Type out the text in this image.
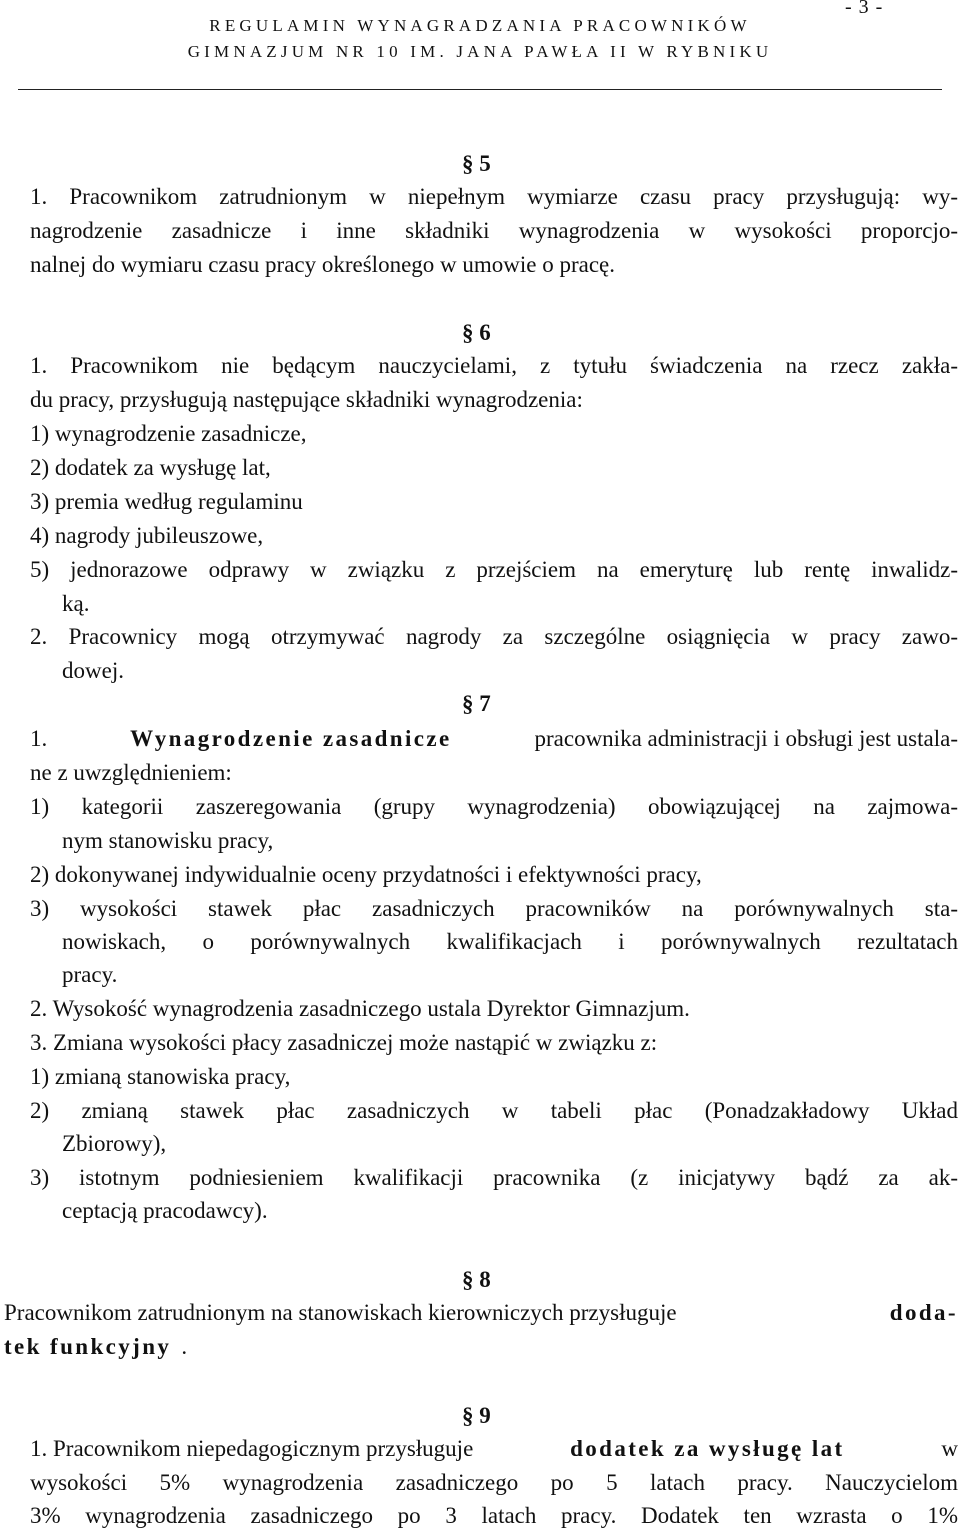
- 3 -
REGULAMIN WYNAGRADZANIA PRACOWNIKÓW
GIMNAZJUM NR 10 IM. JANA PAWŁA II W RYBNIKU
§ 5
1. Pracownikom zatrudnionym w niepełnym wymiarze czasu pracy przysługują: wy-
nagrodzenie zasadnicze i inne składniki wynagrodzenia w wysokości proporcjo-
nalnej do wymiaru czasu pracy określonego w umowie o pracę.
§ 6
1. Pracownikom nie będącym nauczycielami, z tytułu świadczenia na rzecz zakła-
du pracy, przysługują następujące składniki wynagrodzenia:
1) wynagrodzenie zasadnicze,
2) dodatek za wysługę lat,
3) premia według regulaminu
4) nagrody jubileuszowe,
5) jednorazowe odprawy w związku z przejściem na emeryturę lub rentę inwalidz-
ką.
2. Pracownicy mogą otrzymywać nagrody za szczególne osiągnięcia w pracy zawo-
dowej.
§ 7
1.	Wynagrodzenie zasadnicze	pracownika administracji i obsługi jest ustala-
ne z uwzględnieniem:
1) kategorii zaszeregowania (grupy wynagrodzenia) obowiązującej na zajmowa-
nym stanowisku pracy,
2) dokonywanej indywidualnie oceny przydatności i efektywności pracy,
3) wysokości stawek płac zasadniczych pracowników na porównywalnych sta-
nowiskach, o porównywalnych kwalifikacjach i porównywalnych rezultatach
pracy.
2. Wysokość wynagrodzenia zasadniczego ustala Dyrektor Gimnazjum.
3. Zmiana wysokości płacy zasadniczej może nastąpić w związku z:
1) zmianą stanowiska pracy,
2) zmianą stawek płac zasadniczych w tabeli płac (Ponadzakładowy Układ
Zbiorowy),
3) istotnym podniesieniem kwalifikacji pracownika (z inicjatywy bądź za ak-
ceptacją pracodawcy).
§ 8
Pracownikom zatrudnionym na stanowiskach kierowniczych przysługuje	doda-
tek funkcyjny .
§ 9
1. Pracownikom niepedagogicznym przysługuje	dodatek za wysługę lat	w
wysokości 5% wynagrodzenia zasadniczego po 5 latach pracy. Nauczycielom
3% wynagrodzenia zasadniczego po 3 latach pracy. Dodatek ten wzrasta o 1%
